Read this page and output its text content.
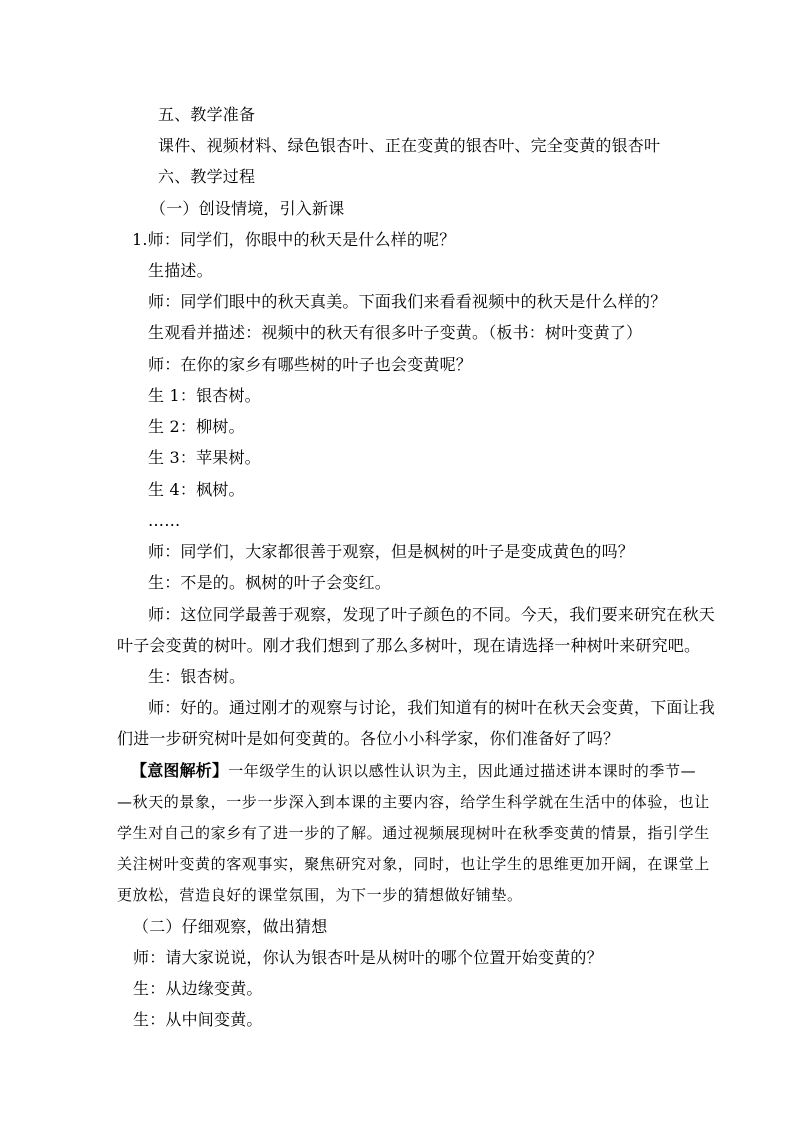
五、教学准备
课件、视频材料、绿色银杏叶、正在变黄的银杏叶、完全变黄的银杏叶
六、教学过程
（一）创设情境，引入新课
1.师：同学们，你眼中的秋天是什么样的呢？
生描述。
师：同学们眼中的秋天真美。下面我们来看看视频中的秋天是什么样的？
生观看并描述：视频中的秋天有很多叶子变黄。（板书：树叶变黄了）
师：在你的家乡有哪些树的叶子也会变黄呢？
生 1：银杏树。
生 2：柳树。
生 3：苹果树。
生 4：枫树。
……
师：同学们，大家都很善于观察，但是枫树的叶子是变成黄色的吗？
生：不是的。枫树的叶子会变红。
师：这位同学最善于观察，发现了叶子颜色的不同。今天，我们要来研究在秋天
叶子会变黄的树叶。刚才我们想到了那么多树叶，现在请选择一种树叶来研究吧。
生：银杏树。
师：好的。通过刚才的观察与讨论，我们知道有的树叶在秋天会变黄，下面让我
们进一步研究树叶是如何变黄的。各位小小科学家，你们准备好了吗？
【意图解析】一年级学生的认识以感性认识为主，因此通过描述讲本课时的季节—
—秋天的景象，一步一步深入到本课的主要内容，给学生科学就在生活中的体验，也让
学生对自己的家乡有了进一步的了解。通过视频展现树叶在秋季变黄的情景，指引学生
关注树叶变黄的客观事实，聚焦研究对象，同时，也让学生的思维更加开阔，在课堂上
更放松，营造良好的课堂氛围，为下一步的猜想做好铺垫。
（二）仔细观察，做出猜想
师：请大家说说，你认为银杏叶是从树叶的哪个位置开始变黄的？
生：从边缘变黄。
生：从中间变黄。
